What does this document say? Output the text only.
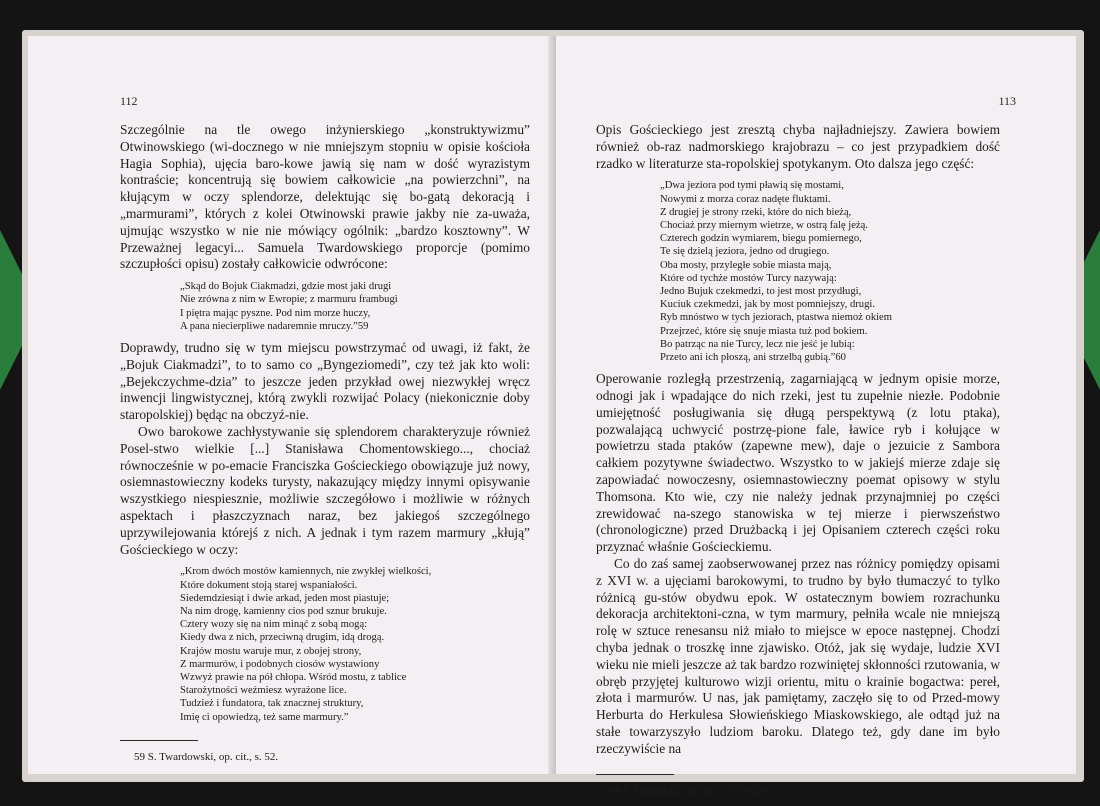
112

Szczególnie na tle owego inżynierskiego „konstruktywizmu” Otwinowskiego (wi-docznego w nie mniejszym stopniu w opisie kościoła Hagia Sophia), ujęcia baro-kowe jawią się nam w dość wyrazistym kontraście; koncentrują się bowiem całkowicie „na powierzchni”, na kłującym w oczy splendorze, delektując się bo-gatą dekoracją i „marmurami”, których z kolei Otwinowski prawie jakby nie za-uważa, ujmując wszystko w nie nie mówiący ogólnik: „bardzo kosztowny”. W Przeważnej legacyi... Samuela Twardowskiego proporcje (pomimo szczupłości opisu) zostały całkowicie odwrócone:

„Skąd do Bojuk Ciakmadzi, gdzie most jaki drugi
Nie zrówna z nim w Ewropie; z marmuru frambugi
I piętra mając pyszne. Pod nim morze huczy,
A pana niecierpliwe nadaremnie mruczy.”59

Doprawdy, trudno się w tym miejscu powstrzymać od uwagi, iż fakt, że „Bojuk Ciakmadzi”, to to samo co „Byngeziomedi”, czy też jak kto woli: „Bejekczychme-dzia” to jeszcze jeden przykład owej niezwykłej wręcz inwencji lingwistycznej, którą zwykli rozwijać Polacy (niekonicznie doby staropolskiej) będąc na obczyź-nie.

Owo barokowe zachłystywanie się splendorem charakteryzuje również Posel-stwo wielkie [...] Stanisława Chomentowskiego..., chociaż równocześnie w po-emacie Franciszka Gościeckiego obowiązuje już nowy, osiemnastowieczny kodeks turysty, nakazujący między innymi opisywanie wszystkiego niespiesznie, możliwie szczegółowo i możliwie w różnych aspektach i płaszczyznach naraz, bez jakiegoś szczególnego uprzywilejowania którejś z nich. A jednak i tym razem marmury „kłują” Gościeckiego w oczy:

„Krom dwóch mostów kamiennych, nie zwykłej wielkości,
Które dokument stoją starej wspaniałości.
Siedemdziesiąt i dwie arkad, jeden most piastuje;
Na nim drogę, kamienny cios pod sznur brukuje.
Cztery wozy się na nim minąć z sobą mogą:
Kiedy dwa z nich, przeciwną drugim, idą drogą.
Krajów mostu waruje mur, z obojej strony,
Z marmurów, i podobnych ciosów wystawiony
Wzwyż prawie na pół chłopa. Wśród mostu, z tablice
Starożytności weźmiesz wyrażone lice.
Tudzież i fundatora, tak znacznej struktury,
Imię ci opowiedzą, też same marmury.”
59 S. Twardowski, op. cit., s. 52.
113

Opis Gościeckiego jest zresztą chyba najładniejszy. Zawiera bowiem również ob-raz nadmorskiego krajobrazu – co jest przypadkiem dość rzadko w literaturze sta-ropolskiej spotykanym. Oto dalsza jego część:

„Dwa jeziora pod tymi pławią się mostami,
Nowymi z morza coraz nadęte fluktami.
Z drugiej je strony rzeki, które do nich bieżą,
Chociaż przy miernym wietrze, w ostrą falę jeżą.
Czterech godzin wymiarem, biegu pomiernego,
Te się dzielą jeziora, jedno od drugiego.
Oba mosty, przyległe sobie miasta mają,
Które od tychże mostów Turcy nazywają:
Jedno Bujuk czekmedzi, to jest most przydługi,
Kuciuk czekmedzi, jak by most pomniejszy, drugi.
Ryb mnóstwo w tych jeziorach, ptastwa niemoż okiem
Przejrzeć, które się snuje miasta tuż pod bokiem.
Bo patrząc na nie Turcy, lecz nie jeść je lubią:
Przeto ani ich płoszą, ani strzelbą gubią.”60

Operowanie rozległą przestrzenią, zagarniającą w jednym opisie morze, odnogi jak i wpadające do nich rzeki, jest tu zupełnie niezłe. Podobnie umiejętność posługiwania się długą perspektywą (z lotu ptaka), pozwalającą uchwycić postrzę-pione fale, ławice ryb i kołujące w powietrzu stada ptaków (zapewne mew), daje o jezuicie z Sambora całkiem pozytywne świadectwo. Wszystko to w jakiejś mierze zdaje się zapowiadać nowoczesny, osiemnastowieczny poemat opisowy w stylu Thomsona. Kto wie, czy nie należy jednak przynajmniej po części zrewidować na-szego stanowiska w tej mierze i pierwszeństwo (chronologiczne) przed Drużbacką i jej Opisaniem czterech części roku przyznać właśnie Gościeckiemu.

Co do zaś samej zaobserwowanej przez nas różnicy pomiędzy opisami z XVI w. a ujęciami barokowymi, to trudno by było tłumaczyć to tylko różnicą gu-stów obydwu epok. W ostatecznym bowiem rozrachunku dekoracja architektoni-czna, w tym marmury, pełniła wcale nie mniejszą rolę w sztuce renesansu niż miało to miejsce w epoce następnej. Chodzi chyba jednak o troszkę inne zjawisko. Otóż, jak się wydaje, ludzie XVI wieku nie mieli jeszcze aż tak bardzo rozwiniętej skłonności rzutowania, w obręb przyjętej kulturowo wizji orientu, mitu o krainie bogactwa: pereł, złota i marmurów. U nas, jak pamiętamy, zaczęło się to od Przed-mowy Herburta do Herkulesa Słowieńskiego Miaskowskiego, ale odtąd już na stałe towarzyszyło ludziom baroku. Dlatego też, gdy dane im było rzeczywiście na

60 F. Gościecki, op. cit., s. 219–220.
